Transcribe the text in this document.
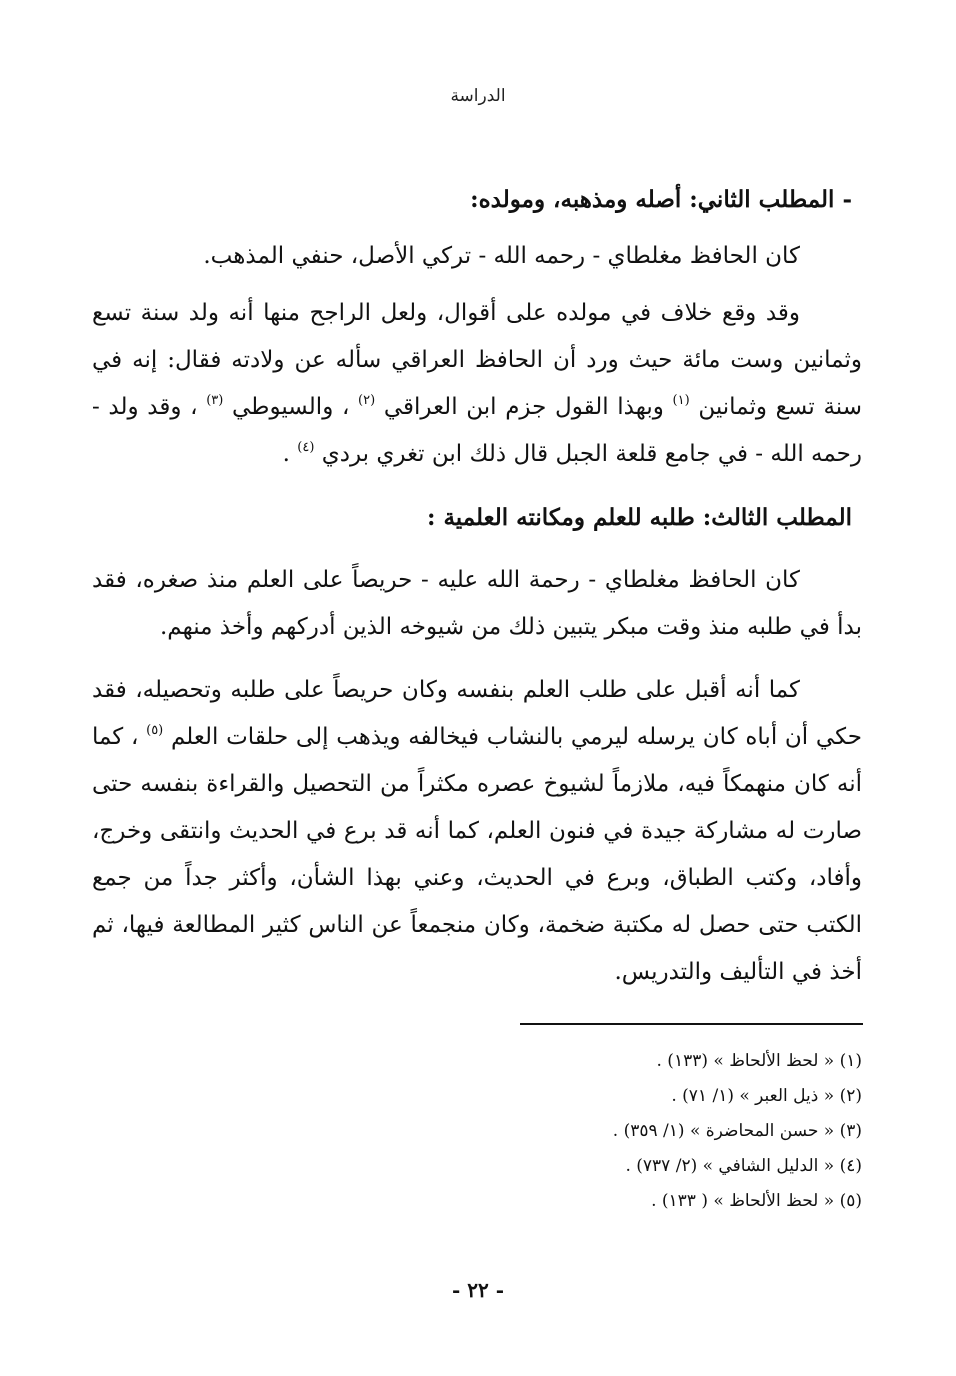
الدراسة

- المطلب الثاني: أصله ومذهبه، ومولده:

كان الحافظ مغلطاي - رحمه الله - تركي الأصل، حنفي المذهب.

وقد وقع خلاف في مولده على أقوال، ولعل الراجح منها أنه ولد سنة تسع وثمانين وست مائة حيث ورد أن الحافظ العراقي سأله عن ولادته فقال: إنه في سنة تسع وثمانين $^{(١)}$ وبهذا القول جزم ابن العراقي $^{(٢)}$ ، والسيوطي $^{(٣)}$ ، وقد ولد - رحمه الله - في جامع قلعة الجبل قال ذلك ابن تغري بردي $^{(٤)}$ .

المطلب الثالث: طلبه للعلم ومكانته العلمية :

كان الحافظ مغلطاي - رحمة الله عليه - حريصاً على العلم منذ صغره، فقد بدأ في طلبه منذ وقت مبكر يتبين ذلك من شيوخه الذين أدركهم وأخذ منهم.

كما أنه أقبل على طلب العلم بنفسه وكان حريصاً على طلبه وتحصيله، فقد حكي أن أباه كان يرسله ليرمي بالنشاب فيخالفه ويذهب إلى حلقات العلم $^{(٥)}$ ، كما أنه كان منهمكاً فيه، ملازماً لشيوخ عصره مكثراً من التحصيل والقراءة بنفسه حتى صارت له مشاركة جيدة في فنون العلم، كما أنه قد برع في الحديث وانتقى وخرج، وأفاد، وكتب الطباق، وبرع في الحديث، وعني بهذا الشأن، وأكثر جداً من جمع الكتب حتى حصل له مكتبة ضخمة، وكان منجمعاً عن الناس كثير المطالعة فيها، ثم أخذ في التأليف والتدريس.

(١) « لحظ الألحاظ » (١٣٣) .

(٢) « ذيل العبر » (١/ ٧١) .

(٣) « حسن المحاضرة » (١/ ٣٥٩) .

(٤) « الدليل الشافي » (٢/ ٧٣٧) .

(٥) « لحظ الألحاظ » ( ١٣٣) .

- ٢٢ -
